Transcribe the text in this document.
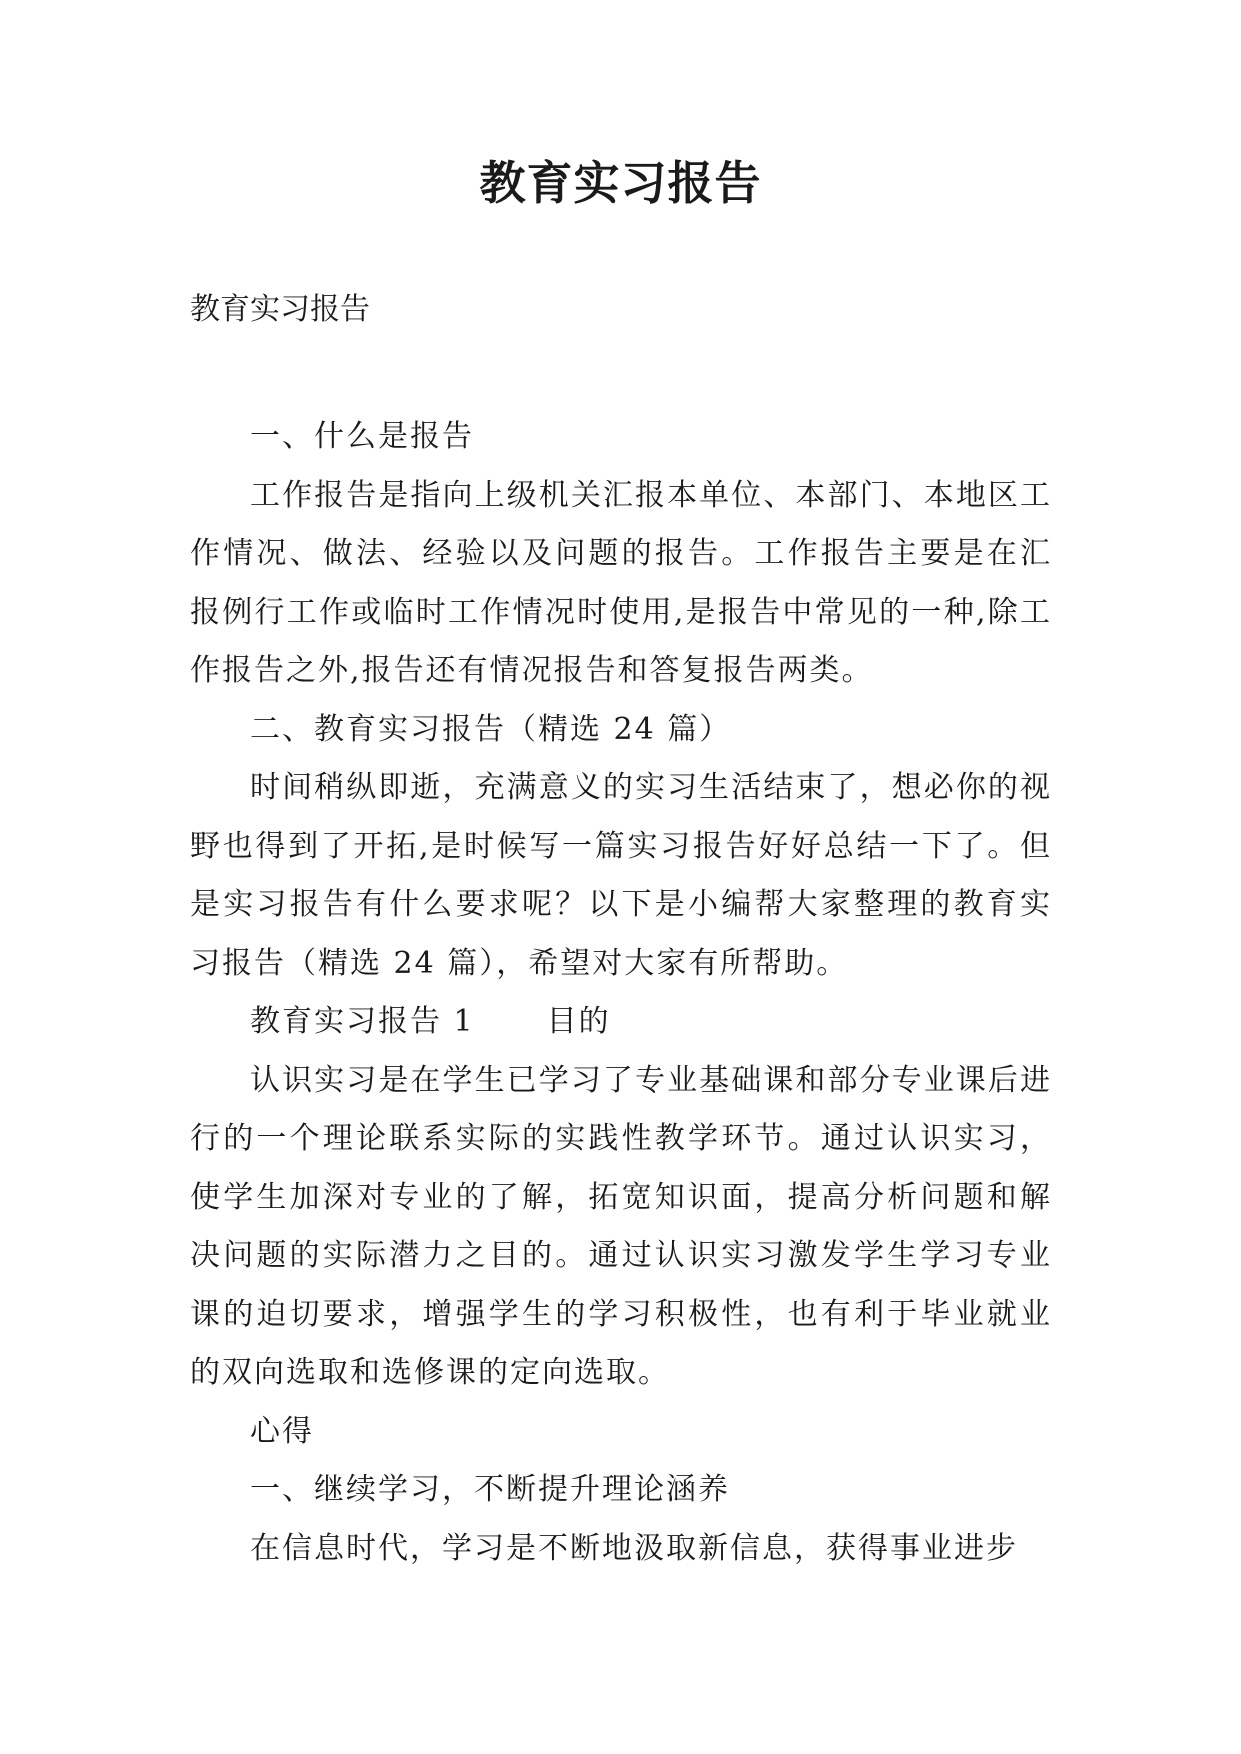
教育实习报告

教育实习报告

一、什么是报告

工作报告是指向上级机关汇报本单位、本部门、本地区工作情况、做法、经验以及问题的报告。工作报告主要是在汇报例行工作或临时工作情况时使用,是报告中常见的一种,除工作报告之外,报告还有情况报告和答复报告两类。

二、教育实习报告（精选 24 篇）

时间稍纵即逝，充满意义的实习生活结束了，想必你的视野也得到了开拓,是时候写一篇实习报告好好总结一下了。但是实习报告有什么要求呢？以下是小编帮大家整理的教育实习报告（精选 24 篇），希望对大家有所帮助。

教育实习报告 1 目的

认识实习是在学生已学习了专业基础课和部分专业课后进行的一个理论联系实际的实践性教学环节。通过认识实习，使学生加深对专业的了解，拓宽知识面，提高分析问题和解决问题的实际潜力之目的。通过认识实习激发学生学习专业课的迫切要求，增强学生的学习积极性，也有利于毕业就业的双向选取和选修课的定向选取。

心得

一、继续学习，不断提升理论涵养

在信息时代，学习是不断地汲取新信息，获得事业进步
